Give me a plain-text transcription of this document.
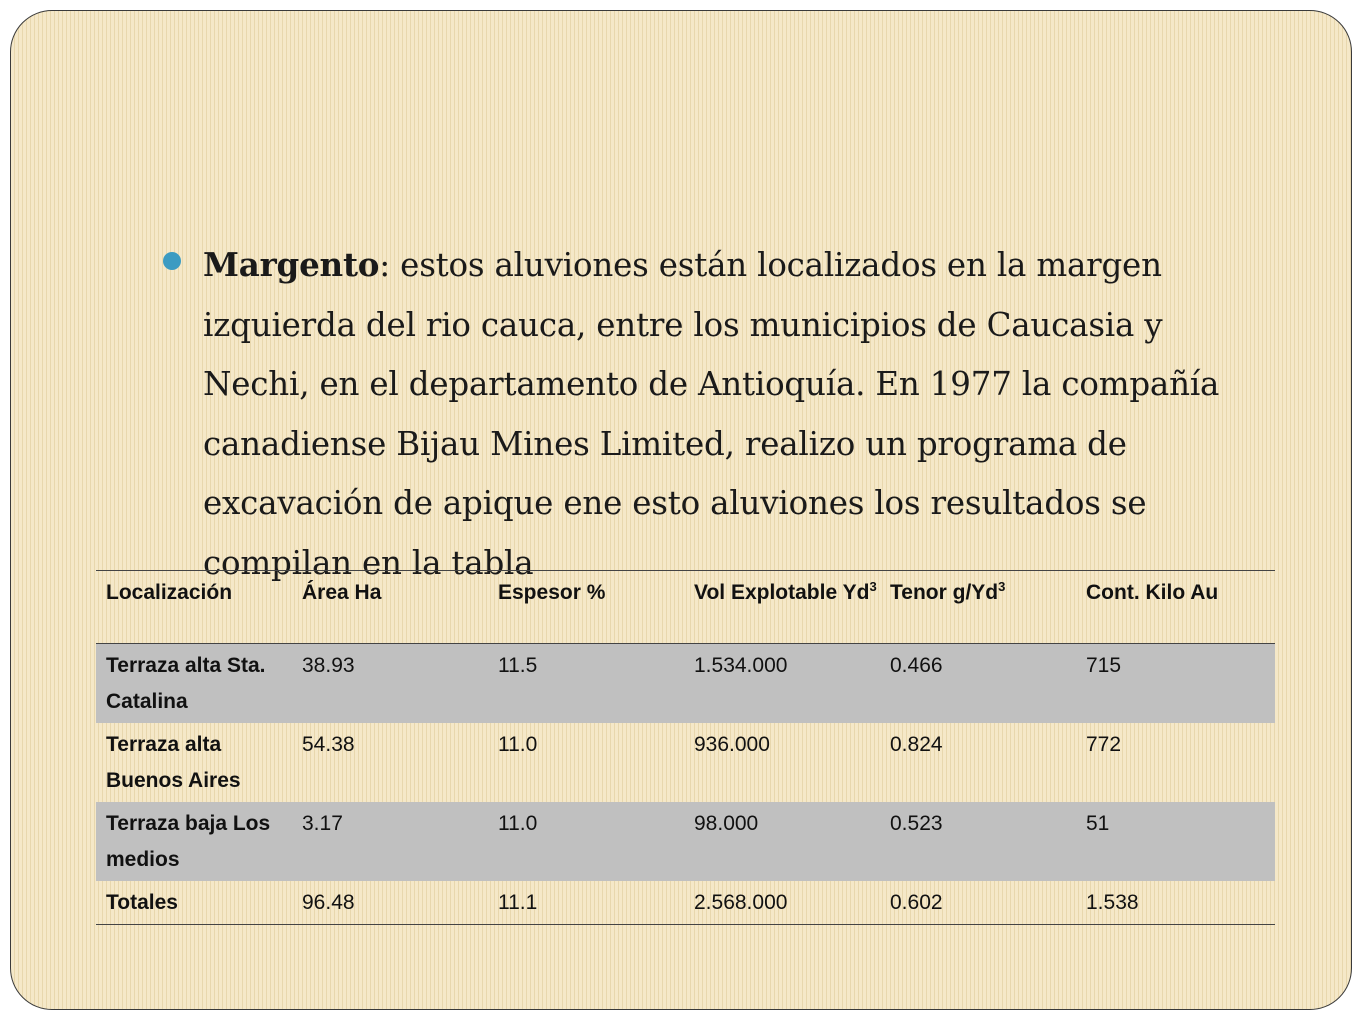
Margento: estos aluviones están localizados en la margen izquierda del rio cauca, entre los municipios de Caucasia y Nechi, en el departamento de Antioquía. En 1977 la compañía canadiense Bijau Mines Limited, realizo un programa de excavación de apique ene esto aluviones los resultados se compilan en la tabla

Localización	Área Ha	Espesor %	Vol Explotable Yd$^3$	Tenor g/Yd$^3$	Cont. Kilo Au
Terraza alta Sta. Catalina	38.93	11.5	1.534.000	0.466	715
Terraza alta Buenos Aires	54.38	11.0	936.000	0.824	772
Terraza baja Los medios	3.17	11.0	98.000	0.523	51
Totales	96.48	11.1	2.568.000	0.602	1.538
